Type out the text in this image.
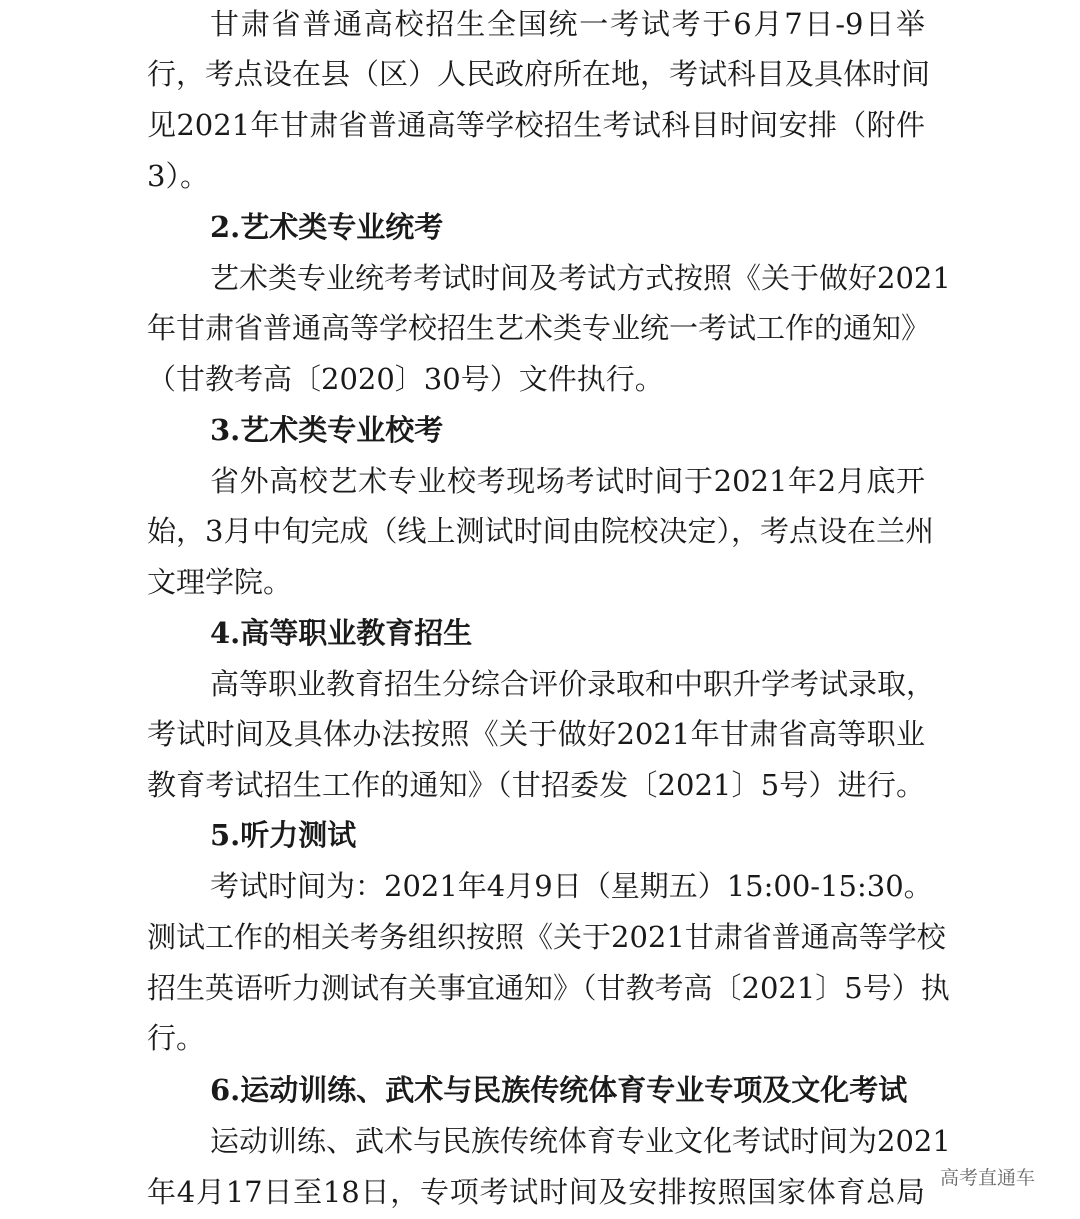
甘肃省普通高校招生全国统一考试考于6月7日-9日举
行，考点设在县（区）人民政府所在地，考试科目及具体时间
见2021年甘肃省普通高等学校招生考试科目时间安排（附件
3）。
2.艺术类专业统考
艺术类专业统考考试时间及考试方式按照《关于做好2021
年甘肃省普通高等学校招生艺术类专业统一考试工作的通知》
（甘教考高〔2020〕30号）文件执行。
3.艺术类专业校考
省外高校艺术专业校考现场考试时间于2021年2月底开
始，3月中旬完成（线上测试时间由院校决定），考点设在兰州
文理学院。
4.高等职业教育招生
高等职业教育招生分综合评价录取和中职升学考试录取，
考试时间及具体办法按照《关于做好2021年甘肃省高等职业
教育考试招生工作的通知》（甘招委发〔2021〕5号）进行。
5.听力测试
考试时间为：2021年4月9日（星期五）15:00-15:30。
测试工作的相关考务组织按照《关于2021甘肃省普通高等学校
招生英语听力测试有关事宜通知》（甘教考高〔2021〕5号）执
行。
6.运动训练、武术与民族传统体育专业专项及文化考试
运动训练、武术与民族传统体育专业文化考试时间为2021
年4月17日至18日，专项考试时间及安排按照国家体育总局 高考直通车
